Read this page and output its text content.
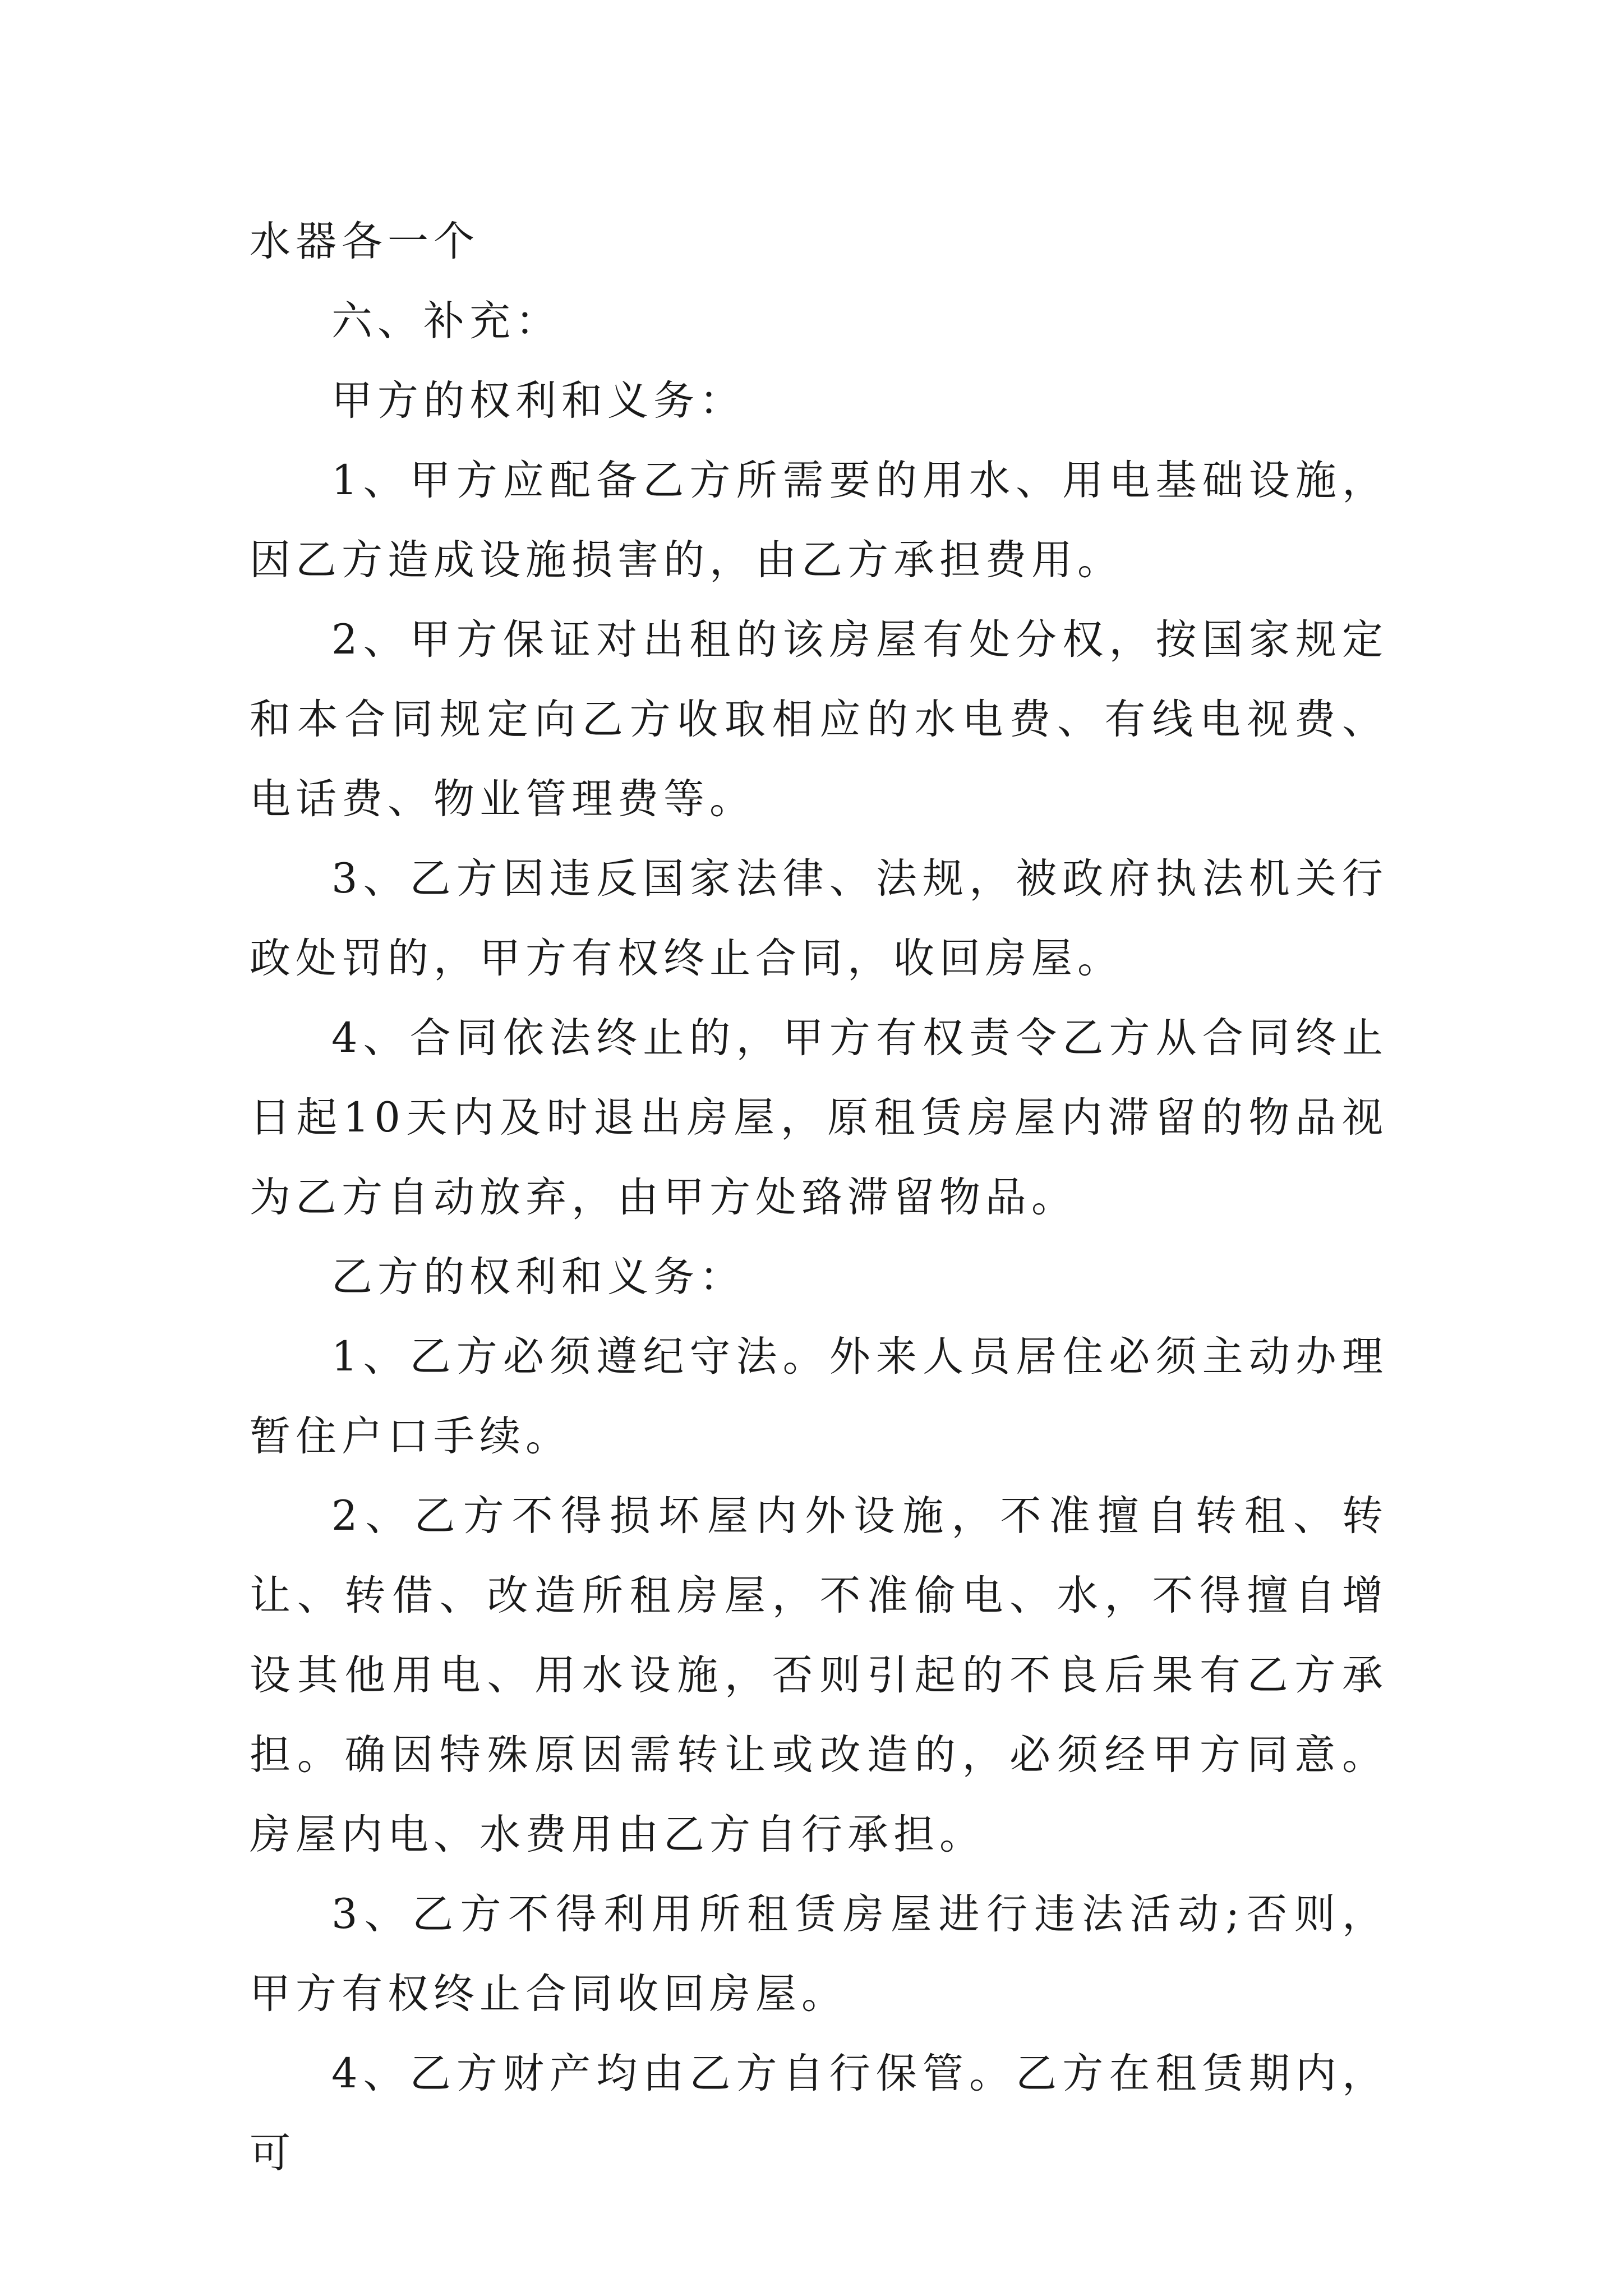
水器各一个

六、补充：

甲方的权利和义务：

1、甲方应配备乙方所需要的用水、用电基础设施，因乙方造成设施损害的，由乙方承担费用。

2、甲方保证对出租的该房屋有处分权，按国家规定和本合同规定向乙方收取相应的水电费、有线电视费、电话费、物业管理费等。

3、乙方因违反国家法律、法规，被政府执法机关行政处罚的，甲方有权终止合同，收回房屋。

4、合同依法终止的，甲方有权责令乙方从合同终止日起10天内及时退出房屋，原租赁房屋内滞留的物品视为乙方自动放弃，由甲方处臵滞留物品。

乙方的权利和义务：

1、乙方必须遵纪守法。外来人员居住必须主动办理暂住户口手续。

2、乙方不得损坏屋内外设施，不准擅自转租、转让、转借、改造所租房屋，不准偷电、水，不得擅自增设其他用电、用水设施，否则引起的不良后果有乙方承担。确因特殊原因需转让或改造的，必须经甲方同意。房屋内电、水费用由乙方自行承担。

3、乙方不得利用所租赁房屋进行违法活动;否则，甲方有权终止合同收回房屋。

4、乙方财产均由乙方自行保管。乙方在租赁期内，可
